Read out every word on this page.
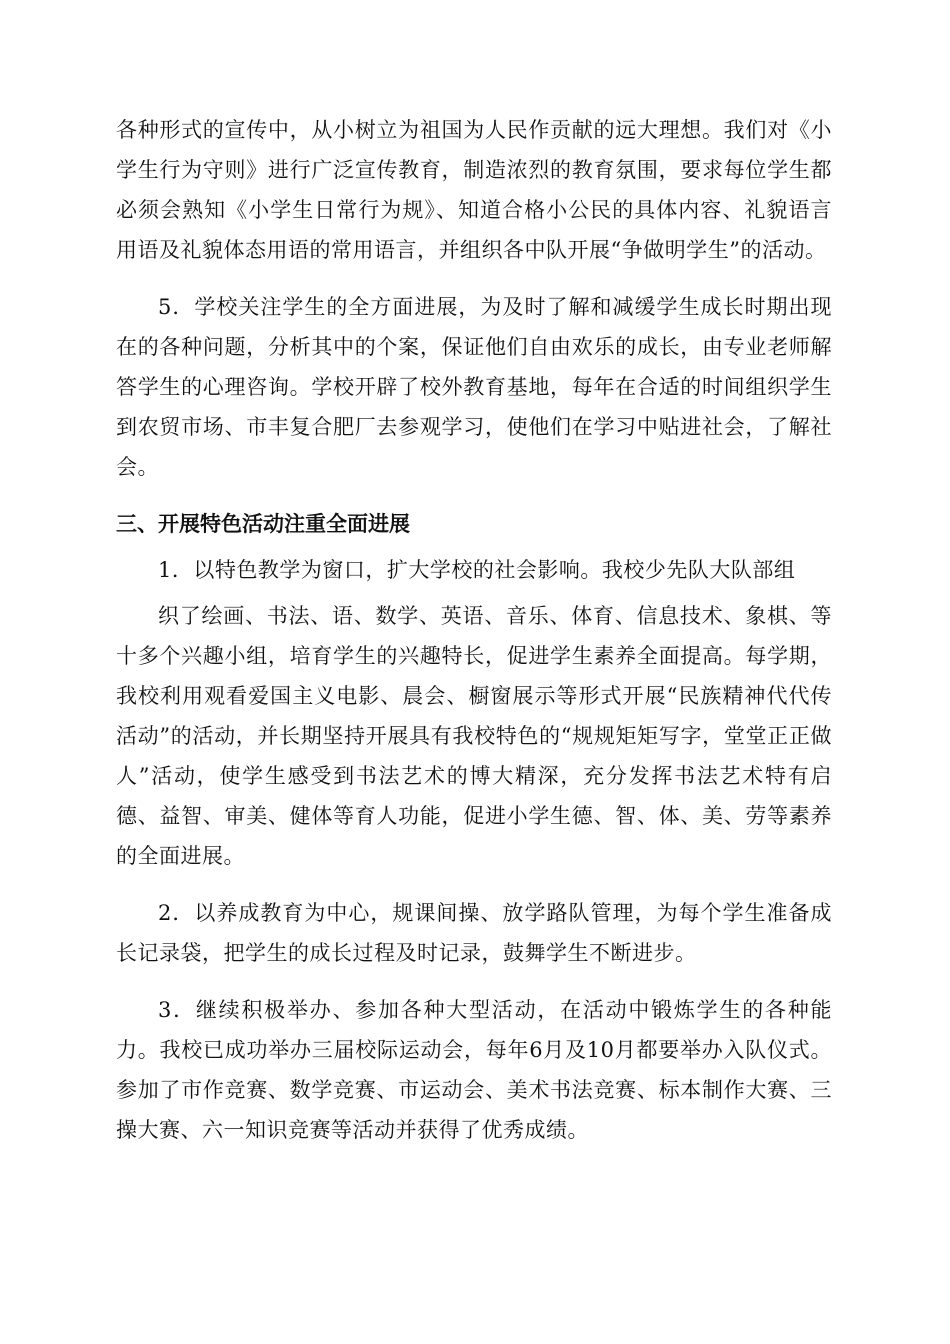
各种形式的宣传中，从小树立为祖国为人民作贡献的远大理想。我们对《小学生行为守则》进行广泛宣传教育，制造浓烈的教育氛围，要求每位学生都必须会熟知《小学生日常行为规》、知道合格小公民的具体内容、礼貌语言用语及礼貌体态用语的常用语言，并组织各中队开展“争做明学生”的活动。

5．学校关注学生的全方面进展，为及时了解和减缓学生成长时期出现在的各种问题，分析其中的个案，保证他们自由欢乐的成长，由专业老师解答学生的心理咨询。学校开辟了校外教育基地，每年在合适的时间组织学生到农贸市场、市丰复合肥厂去参观学习，使他们在学习中贴进社会，了解社会。

三、开展特色活动注重全面进展

1．以特色教学为窗口，扩大学校的社会影响。我校少先队大队部组

织了绘画、书法、语、数学、英语、音乐、体育、信息技术、象棋、等十多个兴趣小组，培育学生的兴趣特长，促进学生素养全面提高。每学期，我校利用观看爱国主义电影、晨会、橱窗展示等形式开展“民族精神代代传活动”的活动，并长期坚持开展具有我校特色的“规规矩矩写字，堂堂正正做人”活动，使学生感受到书法艺术的博大精深，充分发挥书法艺术特有启德、益智、审美、健体等育人功能，促进小学生德、智、体、美、劳等素养的全面进展。

2．以养成教育为中心，规课间操、放学路队管理，为每个学生准备成长记录袋，把学生的成长过程及时记录，鼓舞学生不断进步。

3．继续积极举办、参加各种大型活动，在活动中锻炼学生的各种能力。我校已成功举办三届校际运动会，每年6月及10月都要举办入队仪式。参加了市作竞赛、数学竞赛、市运动会、美术书法竞赛、标本制作大赛、三操大赛、六一知识竞赛等活动并获得了优秀成绩。
